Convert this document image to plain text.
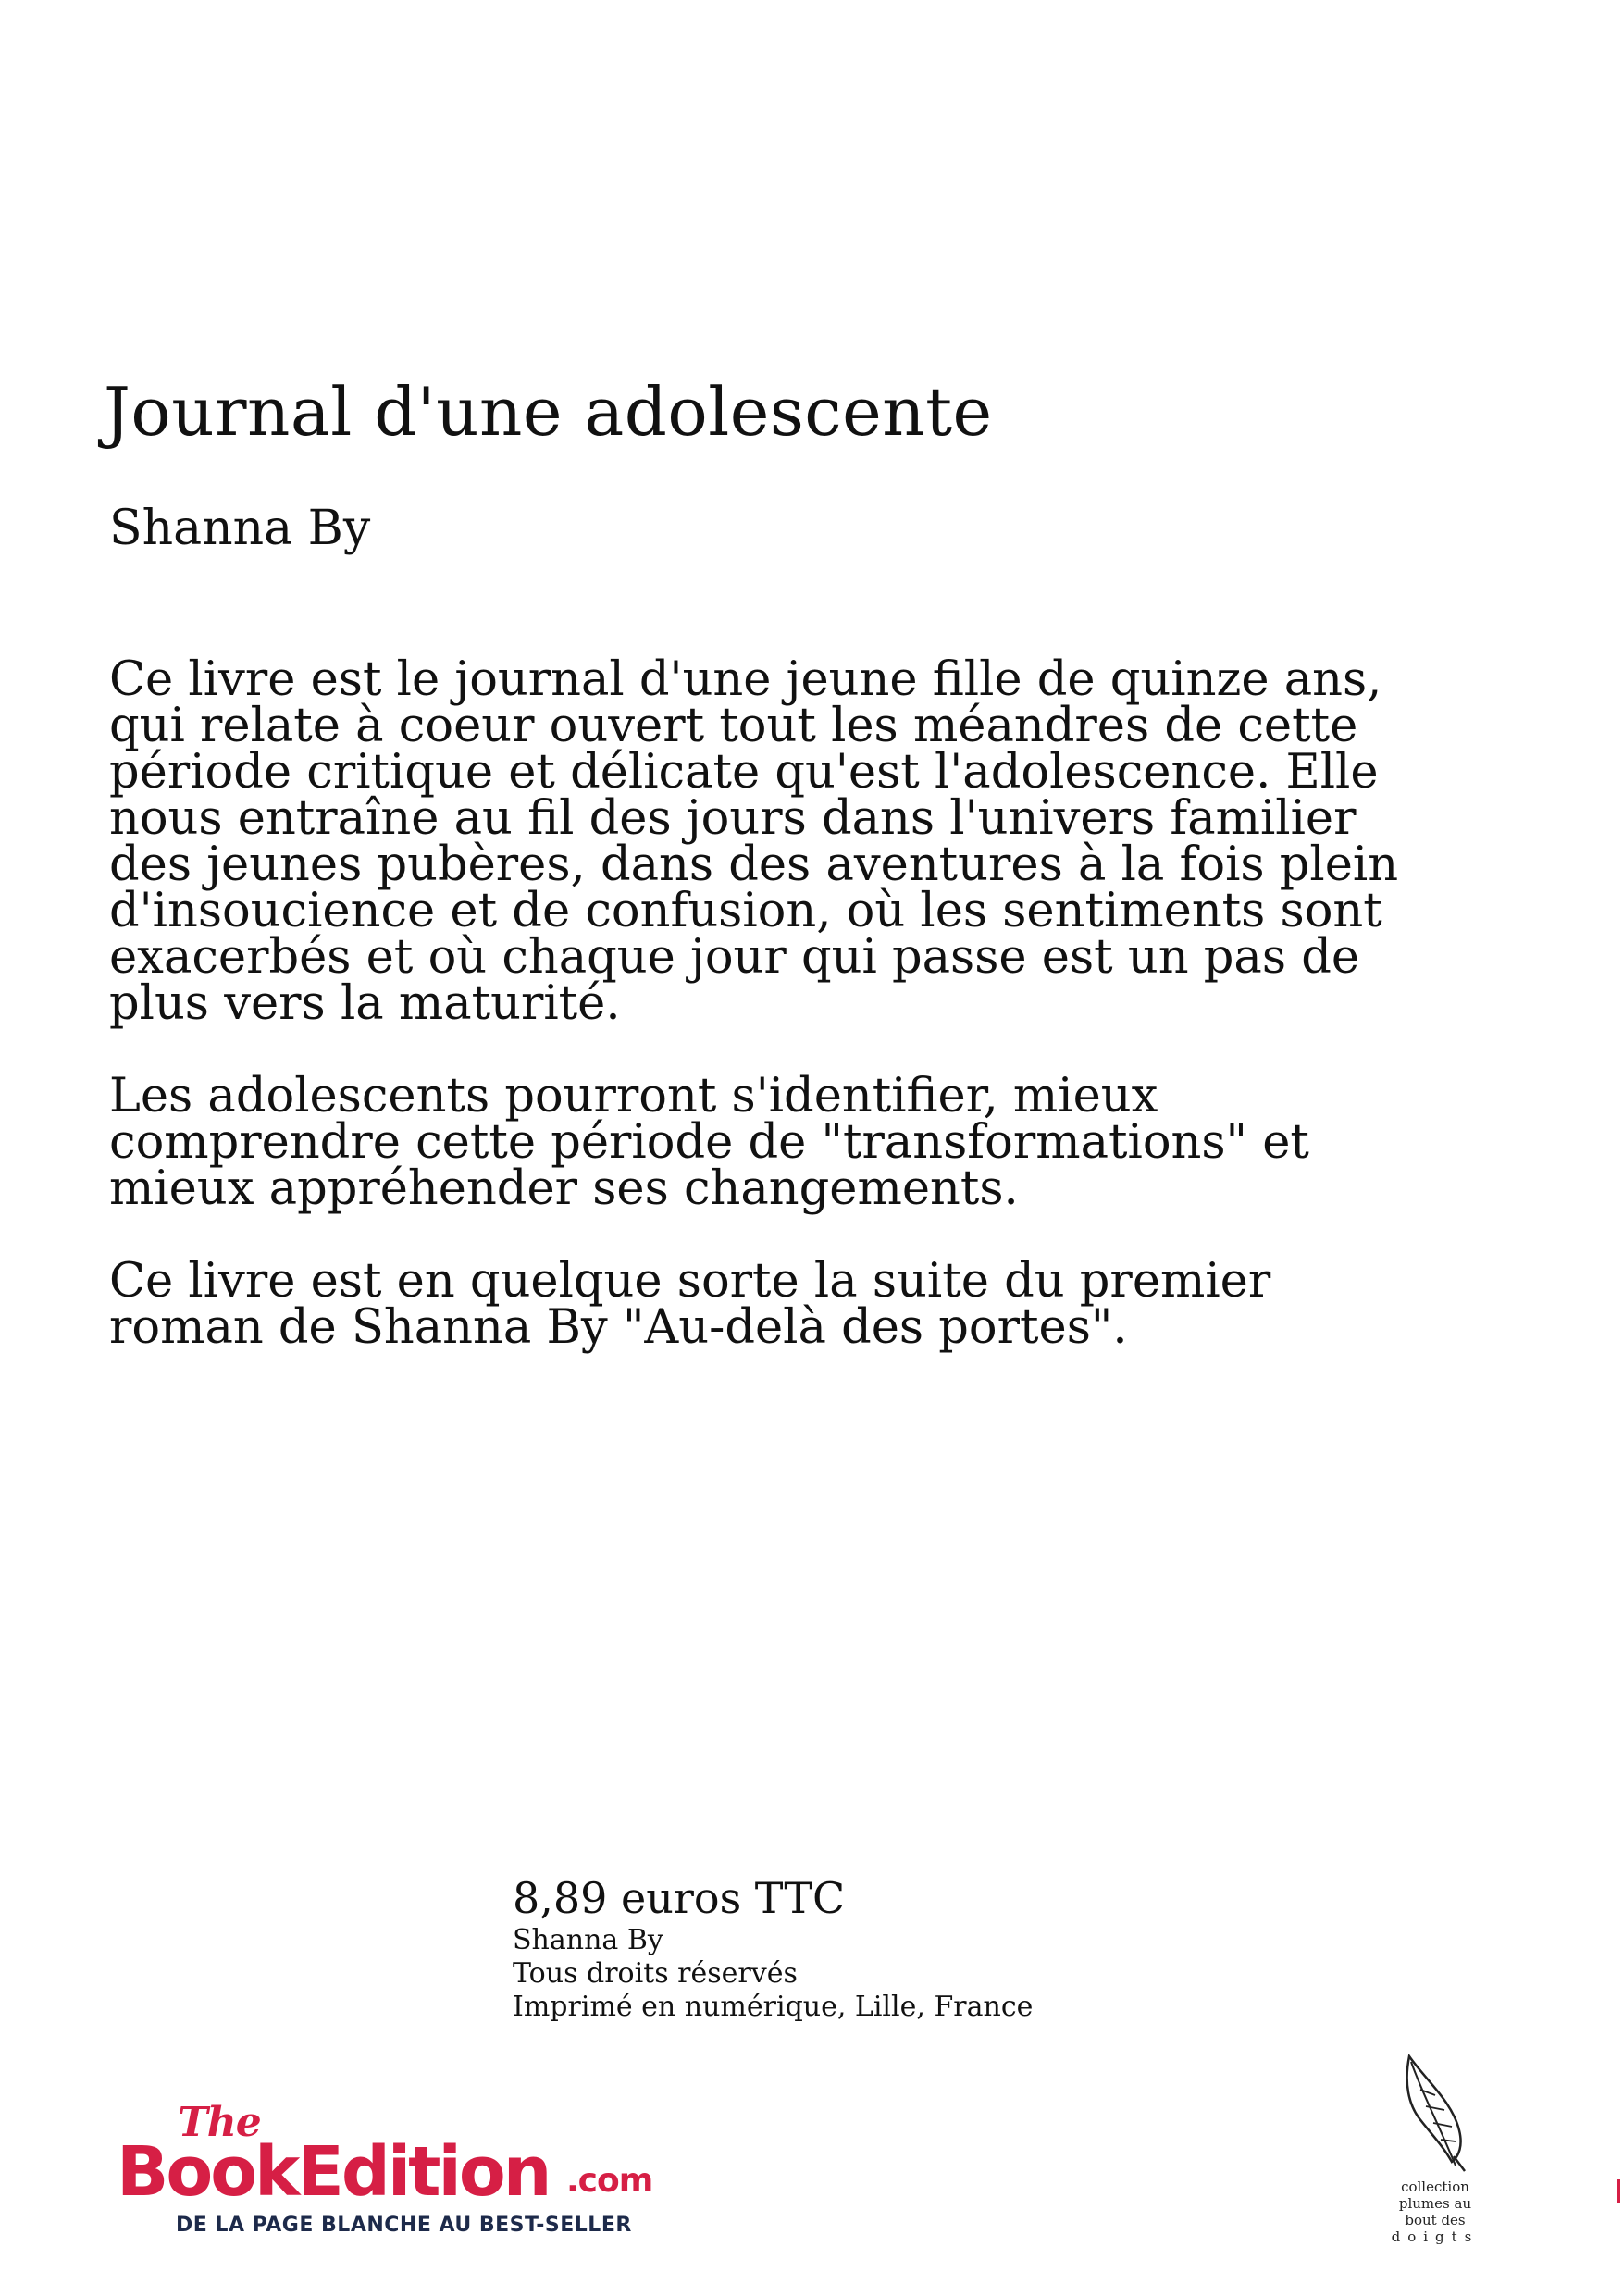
Journal d'une adolescente
Shanna By

Ce livre est le journal d'une jeune fille de quinze ans, qui relate à coeur ouvert tout les méandres de cette période critique et délicate qu'est l'adolescence. Elle nous entraîne au fil des jours dans l'univers familier des jeunes pubères, dans des aventures à la fois plein d'insoucience et de confusion, où les sentiments sont exacerbés et où chaque jour qui passe est un pas de plus vers la maturité.

Les adolescents pourront s'identifier, mieux comprendre cette période de "transformations" et mieux appréhender ses changements.

Ce livre est en quelque sorte la suite du premier roman de Shanna By "Au-delà des portes".

8,89 euros TTC
Shanna By
Tous droits réservés
Imprimé en numérique, Lille, France
The
BookEdition .com
DE LA PAGE BLANCHE AU BEST-SELLER
collection
plumes au
bout des
doigts
